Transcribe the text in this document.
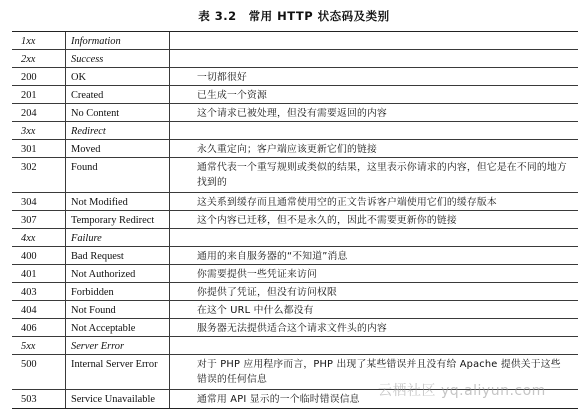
表 3.2　常用 HTTP 状态码及类别
1xx	Information
2xx	Success
200	OK	一切都很好
201	Created	已生成一个资源
204	No Content	这个请求已被处理，但没有需要返回的内容
3xx	Redirect
301	Moved	永久重定向；客户端应该更新它们的链接
302	Found	通常代表一个重写规则或类似的结果，这里表示你请求的内容，但它是在不同的地方找到的
304	Not Modified	这关系到缓存而且通常使用空的正文告诉客户端使用它们的缓存版本
307	Temporary Redirect	这个内容已迁移，但不是永久的，因此不需要更新你的链接
4xx	Failure
400	Bad Request	通用的来自服务器的“不知道”消息
401	Not Authorized	你需要提供一些凭证来访问
403	Forbidden	你提供了凭证，但没有访问权限
404	Not Found	在这个 URL 中什么都没有
406	Not Acceptable	服务器无法提供适合这个请求文件头的内容
5xx	Server Error
500	Internal Server Error	对于 PHP 应用程序而言，PHP 出现了某些错误并且没有给 Apache 提供关于这些错误的任何信息
503	Service Unavailable	通常用 API 显示的一个临时错误信息
云栖社区 yq.aliyun.com
